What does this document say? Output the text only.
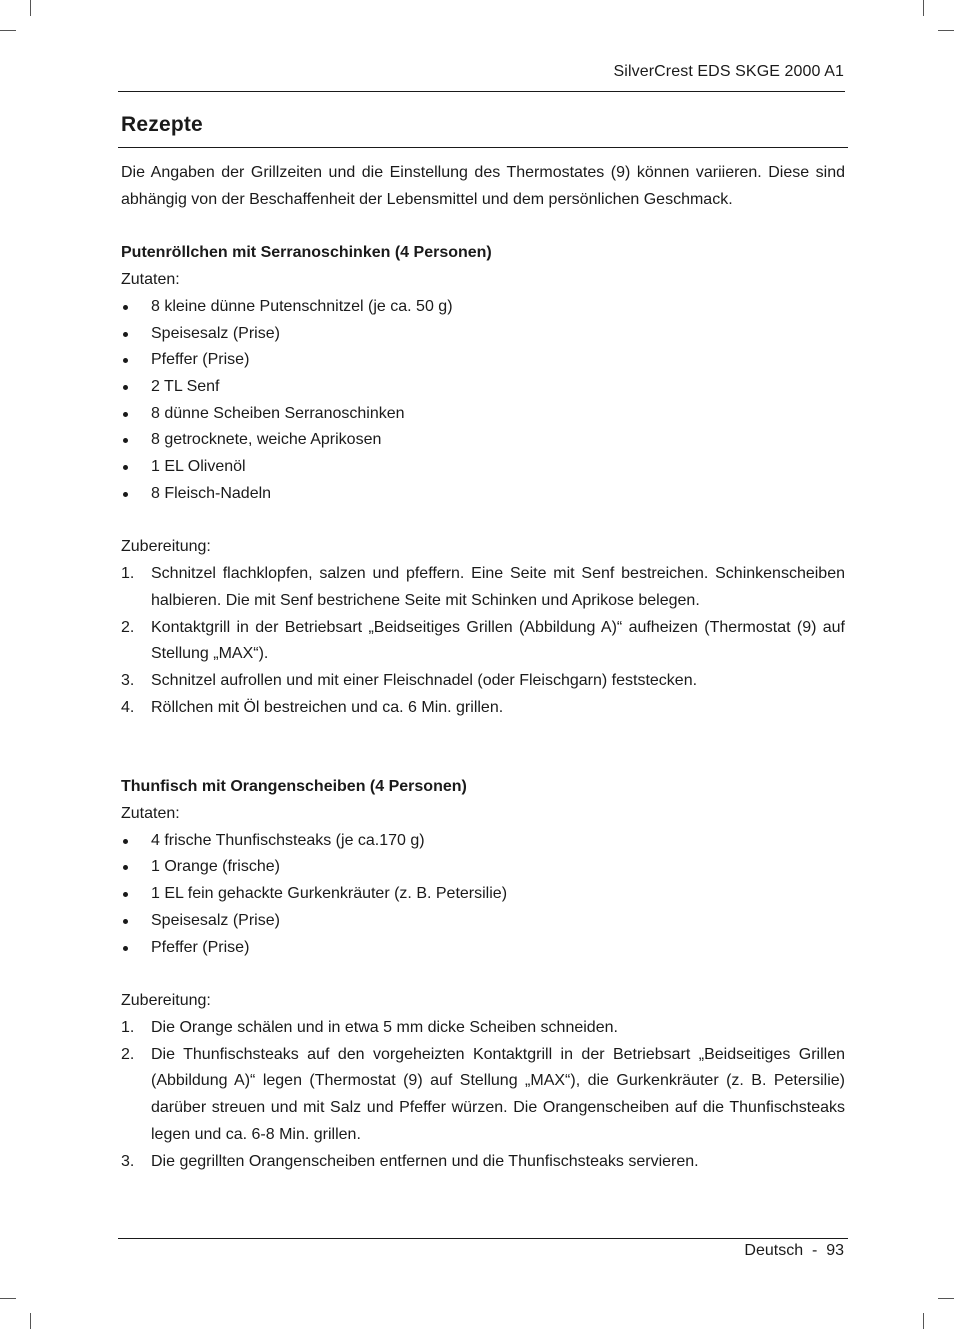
SilverCrest EDS SKGE 2000 A1
Rezepte

Die Angaben der Grillzeiten und die Einstellung des Thermostates (9) können variieren. Diese sind abhängig von der Beschaffenheit der Lebensmittel und dem persönlichen Geschmack.

Putenröllchen mit Serranoschinken (4 Personen)

Zutaten:

8 kleine dünne Putenschnitzel (je ca. 50 g)
Speisesalz (Prise)
Pfeffer (Prise)
2 TL Senf
8 dünne Scheiben Serranoschinken
8 getrocknete, weiche Aprikosen
1 EL Olivenöl
8 Fleisch-Nadeln

Zubereitung:

1. Schnitzel flachklopfen, salzen und pfeffern. Eine Seite mit Senf bestreichen. Schinkenscheiben halbieren. Die mit Senf bestrichene Seite mit Schinken und Aprikose belegen.
2. Kontaktgrill in der Betriebsart „Beidseitiges Grillen (Abbildung A)“ aufheizen (Thermostat (9) auf Stellung „MAX“).
3. Schnitzel aufrollen und mit einer Fleischnadel (oder Fleischgarn) feststecken.
4. Röllchen mit Öl bestreichen und ca. 6 Min. grillen.

Thunfisch mit Orangenscheiben (4 Personen)

Zutaten:

4 frische Thunfischsteaks (je ca.170 g)
1 Orange (frische)
1 EL fein gehackte Gurkenkräuter (z. B. Petersilie)
Speisesalz (Prise)
Pfeffer (Prise)

Zubereitung:

1. Die Orange schälen und in etwa 5 mm dicke Scheiben schneiden.
2. Die Thunfischsteaks auf den vorgeheizten Kontaktgrill in der Betriebsart „Beidseitiges Grillen (Abbildung A)“ legen (Thermostat (9) auf Stellung „MAX“), die Gurkenkräuter (z. B. Petersilie) darüber streuen und mit Salz und Pfeffer würzen. Die Orangenscheiben auf die Thunfischsteaks legen und ca. 6-8 Min. grillen.
3. Die gegrillten Orangenscheiben entfernen und die Thunfischsteaks servieren.
Deutsch  -  93
